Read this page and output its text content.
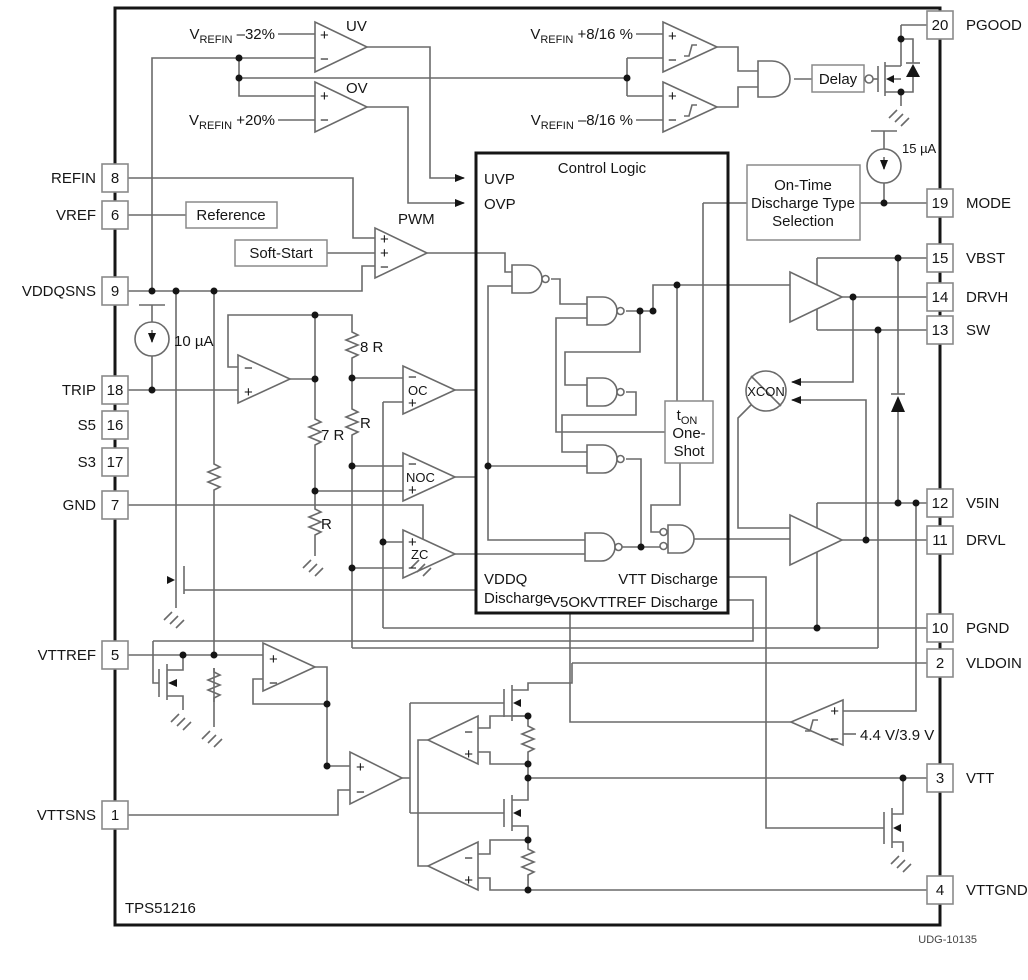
8
REFIN
6
VREF
9
VDDQSNS
18
TRIP
16
S5
17
S3
7
GND
5
VTTREF
1
VTTSNS
20 PGOOD
19 MODE
15 VBST
14 DRVH
13 SW
12 V5IN
11 DRVL
10 PGND
2 VLDOIN
3 VTT
4 VTTGND
$V_{REFIN}$ –32%
$V_{REFIN} +20\%$
$V_{REFIN} +8/16$ %
$V_{REFIN}$ –8/16 %
UV
OV
PWM
Delay
Reference
Soft-Start
Control Logic
UVP
OVP
On-Time
Discharge Type
Selection
$t_{ON}$
One-
Shot
XCON
10 µA
15 µA
8 R
R
7 R
R
VDDQ
Discharge
V5OK
VTT Discharge
VTTREF Discharge
4.4 V/3.9 V
OC
NOC
ZC
+
−
+
−
+
−
+
−
+
+
−
−
+
−
+
−
+
+
−
+
−
+
−
−
+
−
+
+
−
TPS51216
UDG-10135
